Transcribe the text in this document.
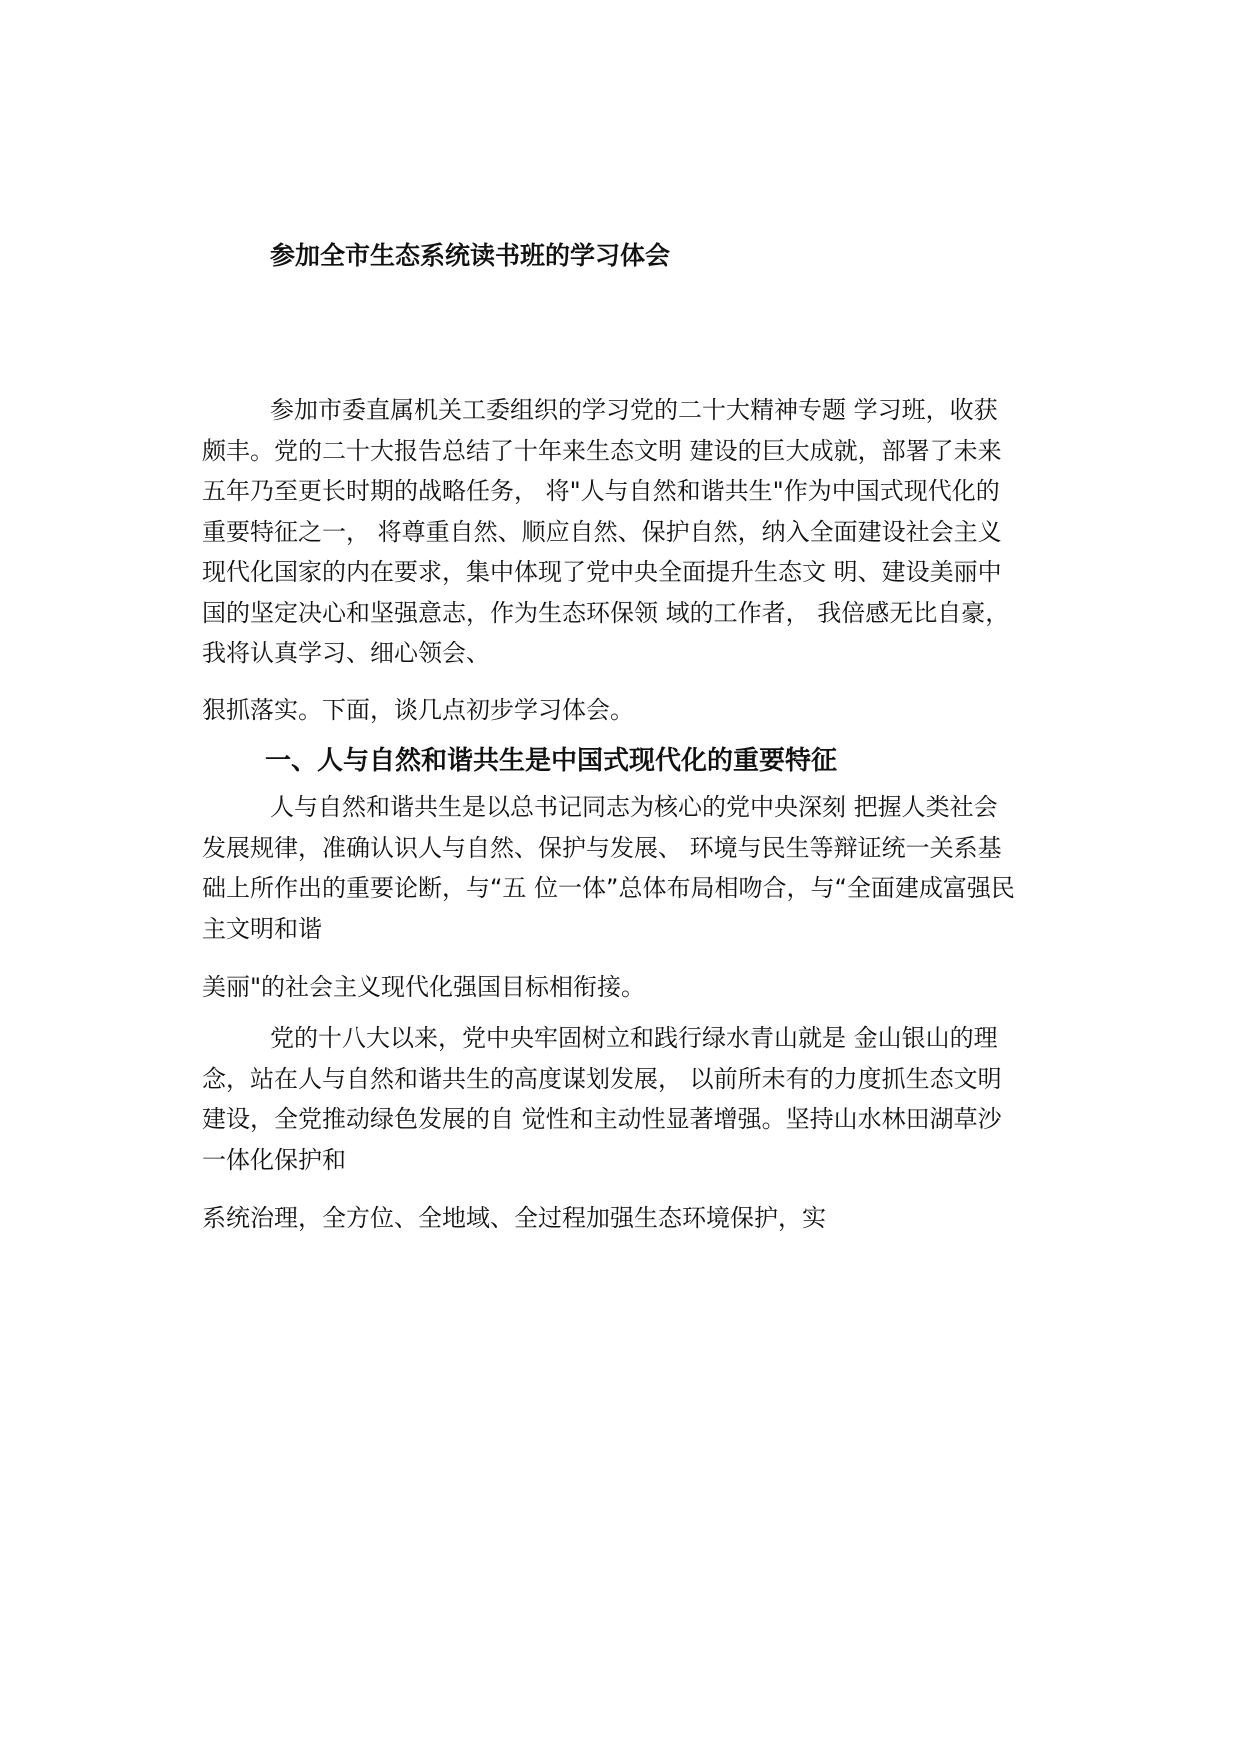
参加全市生态系统读书班的学习体会
参加市委直属机关工委组织的学习党的二十大精神专题 学习班，收获
颇丰。党的二十大报告总结了十年来生态文明 建设的巨大成就，部署了未来
五年乃至更长时期的战略任务， 将"人与自然和谐共生"作为中国式现代化的
重要特征之一， 将尊重自然、顺应自然、保护自然，纳入全面建设社会主义
现代化国家的内在要求，集中体现了党中央全面提升生态文 明、建设美丽中
国的坚定决心和坚强意志，作为生态环保领 域的工作者， 我倍感无比自豪，
我将认真学习、细心领会、
狠抓落实。下面，谈几点初步学习体会。
一、人与自然和谐共生是中国式现代化的重要特征
人与自然和谐共生是以总书记同志为核心的党中央深刻 把握人类社会
发展规律，准确认识人与自然、保护与发展、 环境与民生等辩证统一关系基
础上所作出的重要论断，与“五 位一体”总体布局相吻合，与“全面建成富强民
主文明和谐
美丽"的社会主义现代化强国目标相衔接。
党的十八大以来，党中央牢固树立和践行绿水青山就是 金山银山的理
念，站在人与自然和谐共生的高度谋划发展， 以前所未有的力度抓生态文明
建设，全党推动绿色发展的自 觉性和主动性显著增强。坚持山水林田湖草沙
一体化保护和
系统治理，全方位、全地域、全过程加强生态环境保护，实
